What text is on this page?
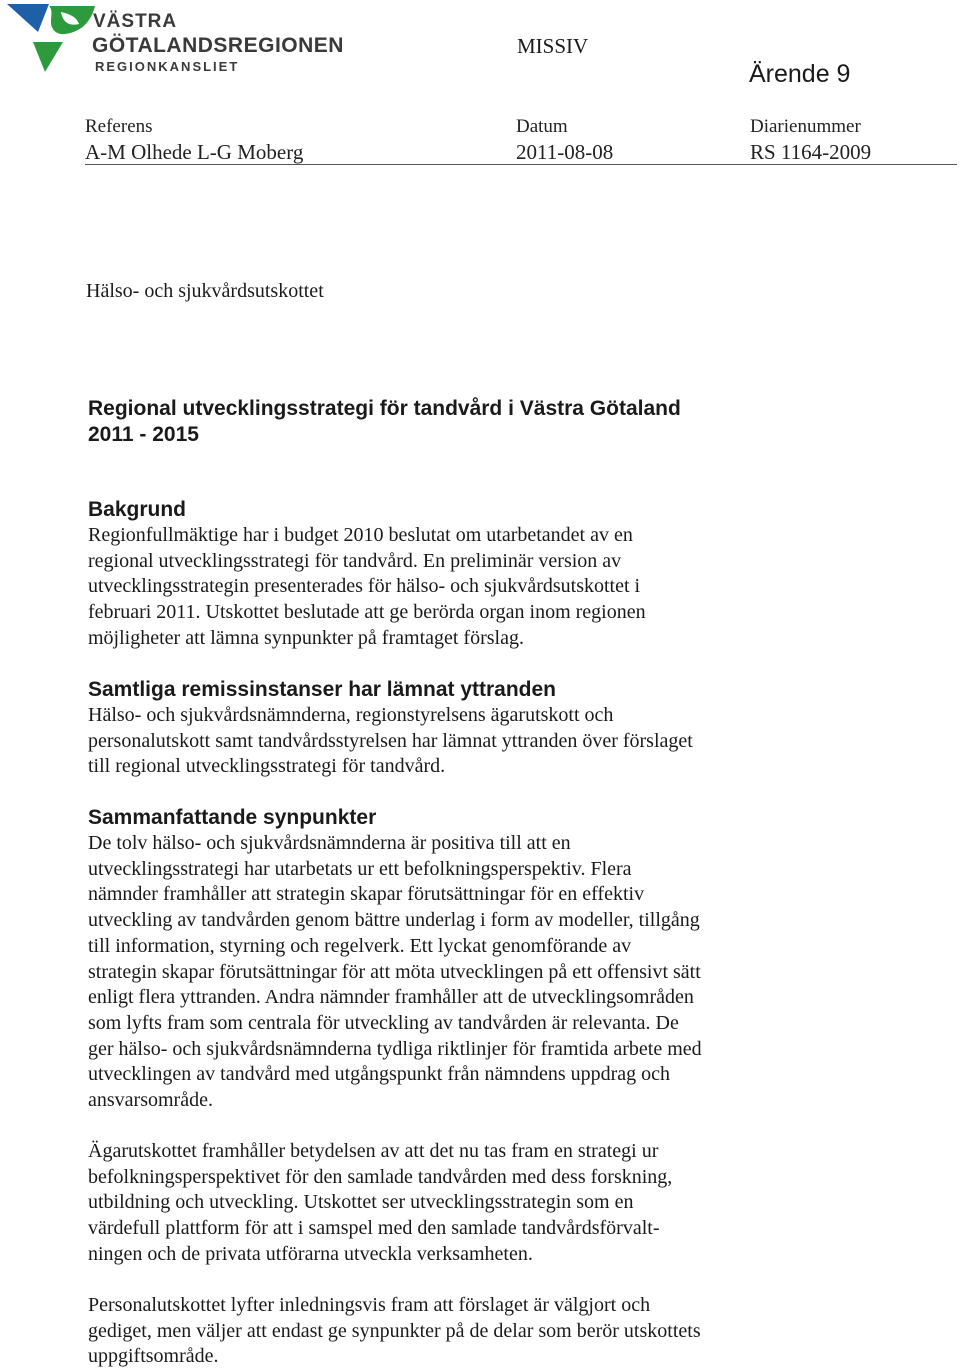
VÄSTRA
GÖTALANDSREGIONEN
REGIONKANSLIET
MISSIV
Ärende 9
Referens
A-M Olhede L-G Moberg
Datum
2011-08-08
Diarienummer
RS 1164-2009
Hälso- och sjukvårdsutskottet
Regional utvecklingsstrategi för tandvård i Västra Götaland
2011 - 2015
Bakgrund
Regionfullmäktige har i budget 2010 beslutat om utarbetandet av en
regional utvecklingsstrategi för tandvård. En preliminär version av
utvecklingsstrategin presenterades för hälso- och sjukvårdsutskottet i
februari 2011. Utskottet beslutade att ge berörda organ inom regionen
möjligheter att lämna synpunkter på framtaget förslag.
Samtliga remissinstanser har lämnat yttranden
Hälso- och sjukvårdsnämnderna, regionstyrelsens ägarutskott och
personalutskott samt tandvårdsstyrelsen har lämnat yttranden över förslaget
till regional utvecklingsstrategi för tandvård.
Sammanfattande synpunkter
De tolv hälso- och sjukvårdsnämnderna är positiva till att en
utvecklingsstrategi har utarbetats ur ett befolkningsperspektiv. Flera
nämnder framhåller att strategin skapar förutsättningar för en effektiv
utveckling av tandvården genom bättre underlag i form av modeller, tillgång
till information, styrning och regelverk. Ett lyckat genomförande av
strategin skapar förutsättningar för att möta utvecklingen på ett offensivt sätt
enligt flera yttranden. Andra nämnder framhåller att de utvecklingsområden
som lyfts fram som centrala för utveckling av tandvården är relevanta. De
ger hälso- och sjukvårdsnämnderna tydliga riktlinjer för framtida arbete med
utvecklingen av tandvård med utgångspunkt från nämndens uppdrag och
ansvarsområde.
Ägarutskottet framhåller betydelsen av att det nu tas fram en strategi ur
befolkningsperspektivet för den samlade tandvården med dess forskning,
utbildning och utveckling. Utskottet ser utvecklingsstrategin som en
värdefull plattform för att i samspel med den samlade tandvårdsförvalt-
ningen och de privata utförarna utveckla verksamheten.
Personalutskottet lyfter inledningsvis fram att förslaget är välgjort och
gediget, men väljer att endast ge synpunkter på de delar som berör utskottets
uppgiftsområde.
